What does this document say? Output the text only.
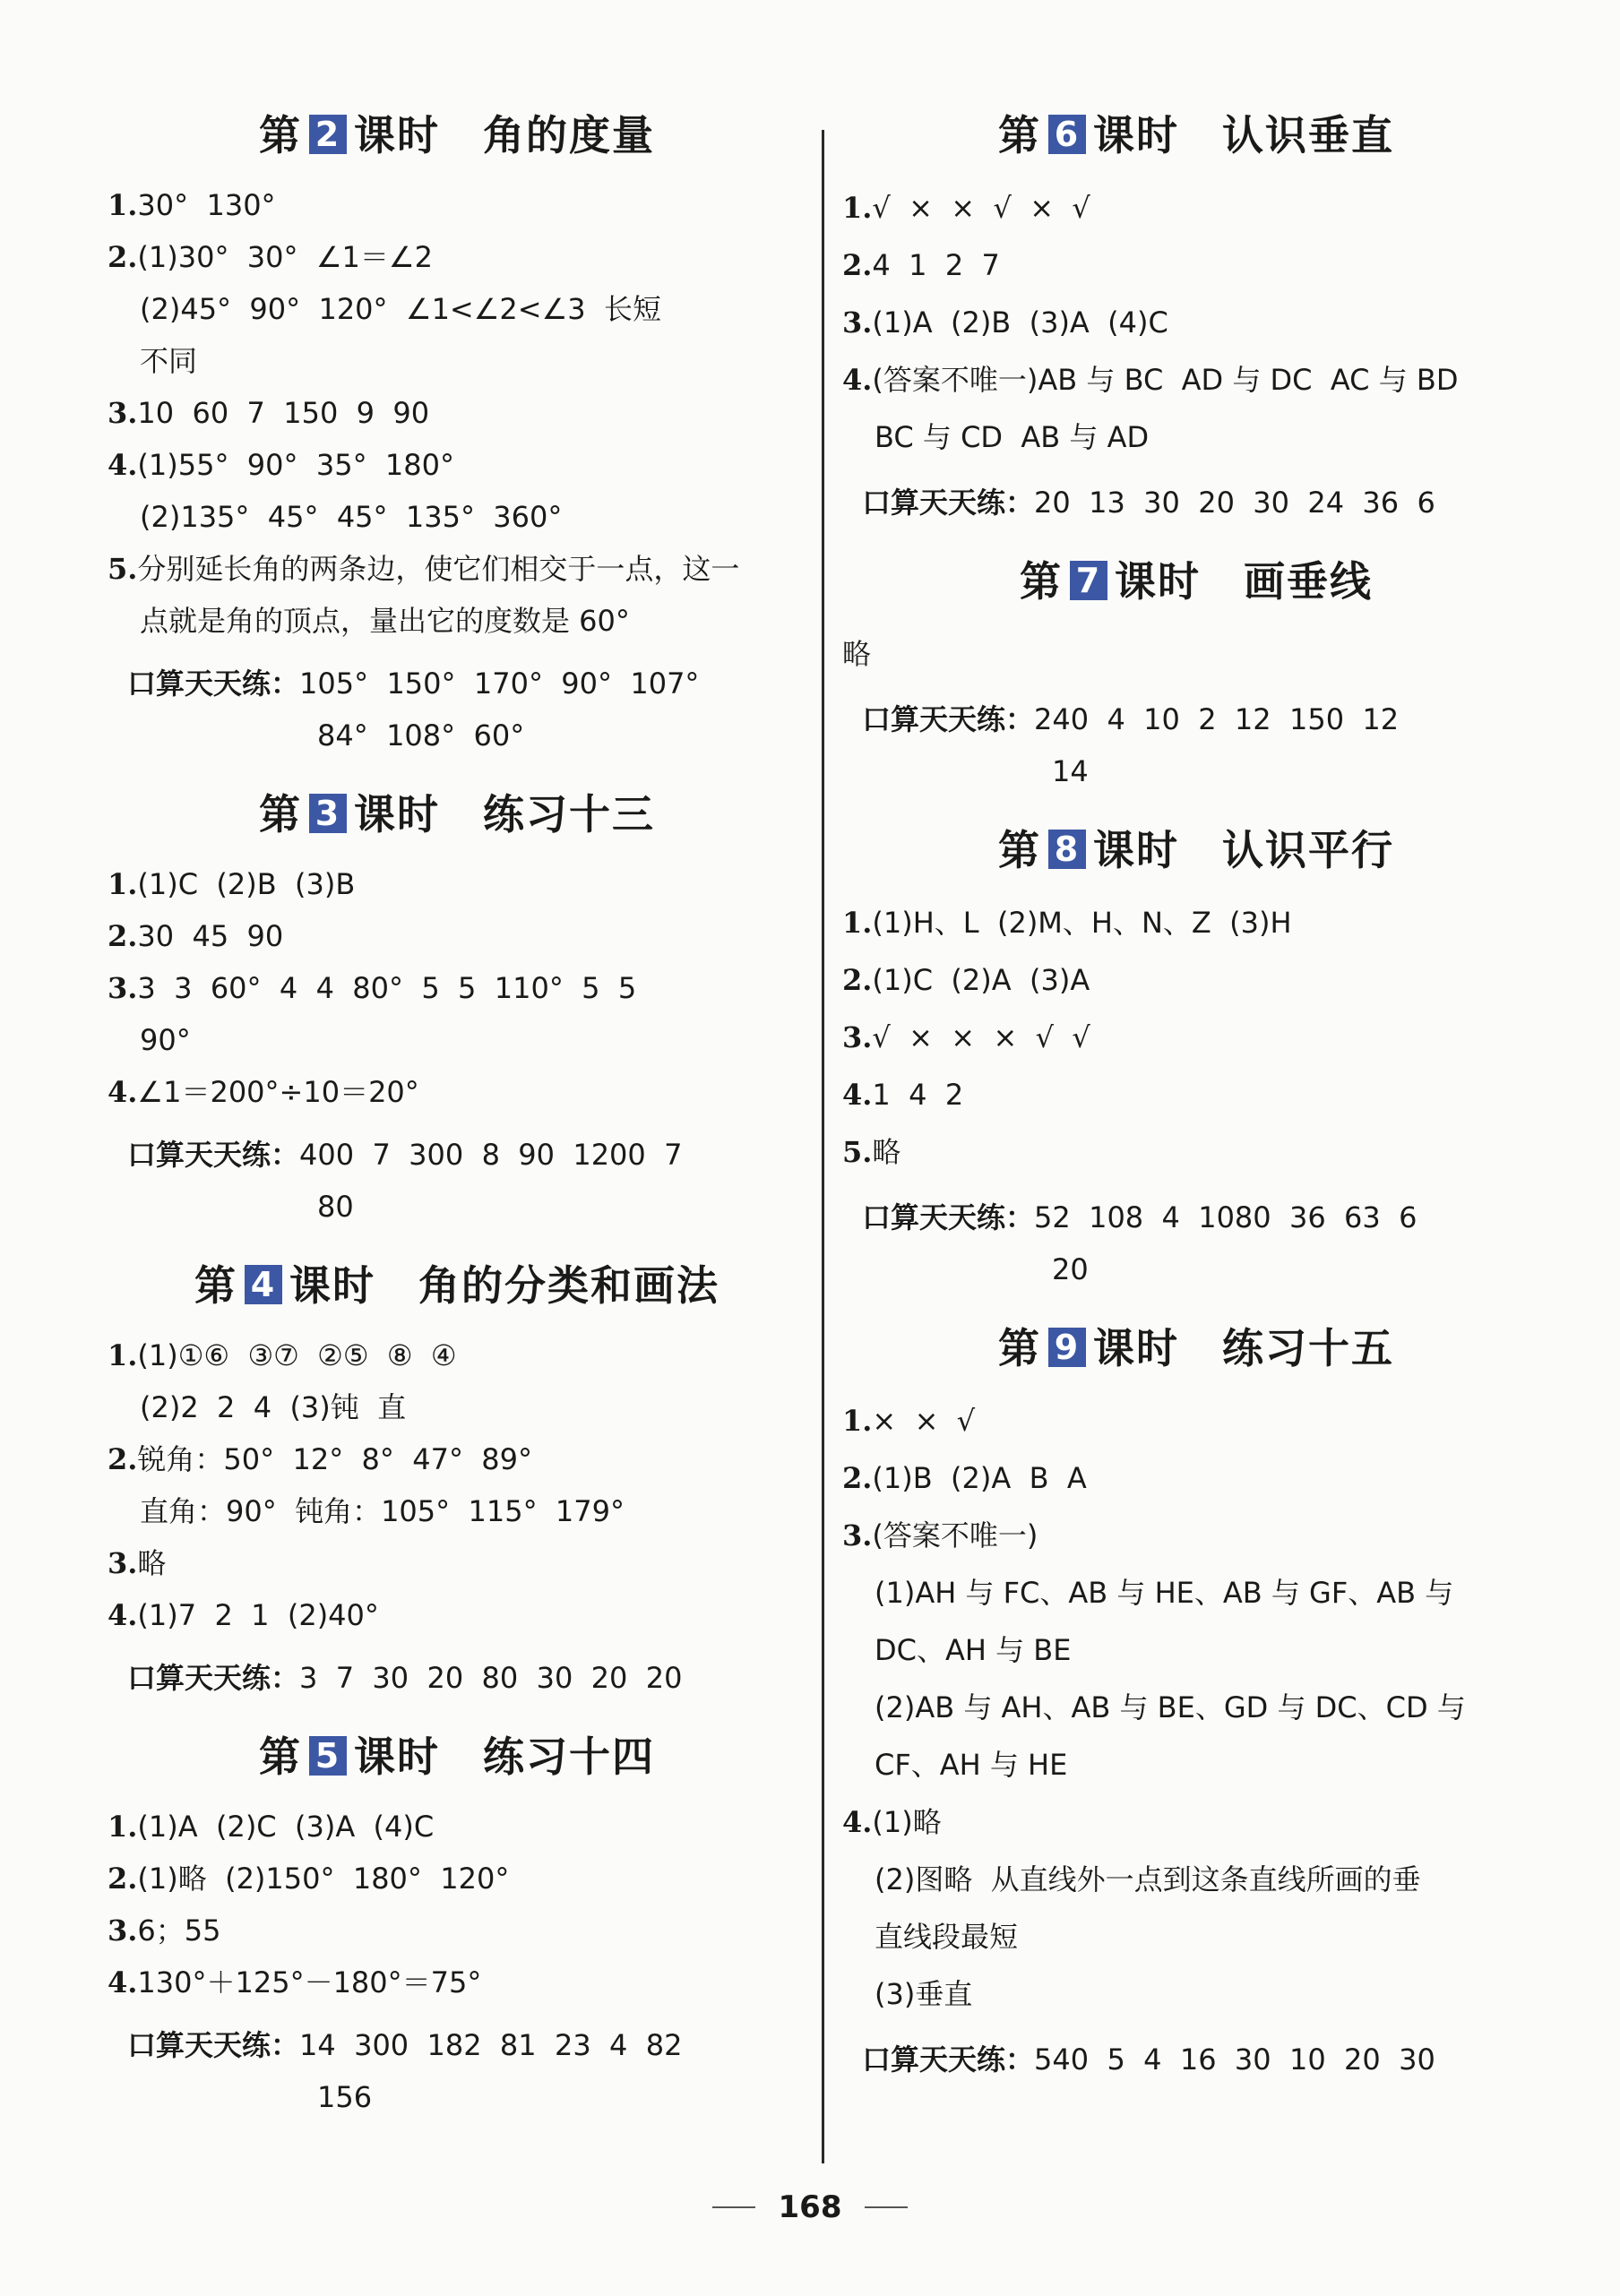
第 2 课时 角的度量
1.30°  130°
2.(1)30°  30°  ∠1＝∠2
(2)45°  90°  120°  ∠1<∠2<∠3  长短
不同
3.10  60  7  150  9  90
4.(1)55°  90°  35°  180°
(2)135°  45°  45°  135°  360°
5.分别延长角的两条边，使它们相交于一点，这一
点就是角的顶点，量出它的度数是 60°
口算天天练：105°  150°  170°  90°  107°
84°  108°  60°
第 3 课时 练习十三
1.(1)C  (2)B  (3)B
2.30  45  90
3.3  3  60°  4  4  80°  5  5  110°  5  5
90°
4.∠1＝200°÷10＝20°
口算天天练：400  7  300  8  90  1200  7
80
第 4 课时 角的分类和画法
1.(1)①⑥  ③⑦  ②⑤  ⑧  ④
(2)2  2  4  (3)钝  直
2.锐角：50°  12°  8°  47°  89°
直角：90°  钝角：105°  115°  179°
3.略
4.(1)7  2  1  (2)40°
口算天天练：3  7  30  20  80  30  20  20
第 5 课时 练习十四
1.(1)A  (2)C  (3)A  (4)C
2.(1)略  (2)150°  180°  120°
3.6；55
4.130°＋125°－180°＝75°
口算天天练：14  300  182  81  23  4  82
156
第 6 课时 认识垂直
1.√  ×  ×  √  ×  √
2.4  1  2  7
3.(1)A  (2)B  (3)A  (4)C
4.(答案不唯一)AB 与 BC  AD 与 DC  AC 与 BD
BC 与 CD  AB 与 AD
口算天天练：20  13  30  20  30  24  36  6
第 7 课时 画垂线
略
口算天天练：240  4  10  2  12  150  12
14
第 8 课时 认识平行
1.(1)H、L  (2)M、H、N、Z  (3)H
2.(1)C  (2)A  (3)A
3.√  ×  ×  ×  √  √
4.1  4  2
5.略
口算天天练：52  108  4  1080  36  63  6
20
第 9 课时 练习十五
1.×  ×  √
2.(1)B  (2)A  B  A
3.(答案不唯一)
(1)AH 与 FC、AB 与 HE、AB 与 GF、AB 与
DC、AH 与 BE
(2)AB 与 AH、AB 与 BE、GD 与 DC、CD 与
CF、AH 与 HE
4.(1)略
(2)图略  从直线外一点到这条直线所画的垂
直线段最短
(3)垂直
口算天天练：540  5  4  16  30  10  20  30
168
